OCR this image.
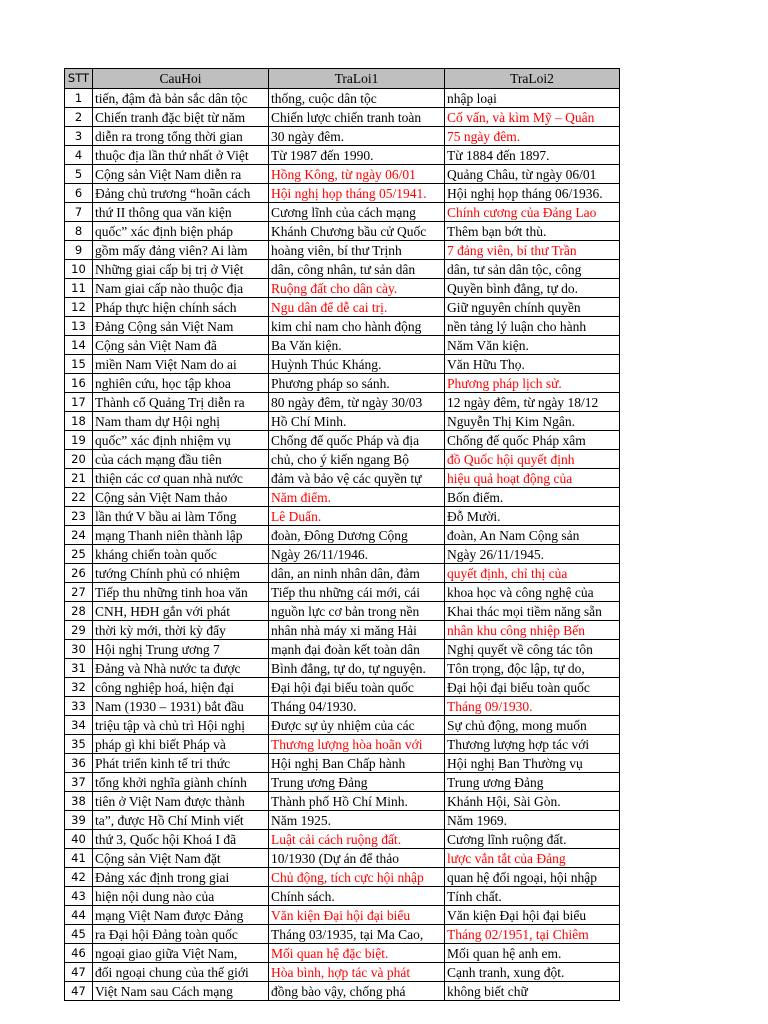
STT	CauHoi	TraLoi1	TraLoi2
1	tiến, đậm đà bản sắc dân tộc	thống, cuộc dân tộc	nhập loại
2	Chiến tranh đặc biệt từ năm	Chiến lược chiến tranh toàn	Cố vấn, và kìm Mỹ – Quân
3	diễn ra trong tổng thời gian	30 ngày đêm.	75 ngày đêm.
4	thuộc địa lần thứ nhất ở Việt	Từ 1987 đến 1990.	Từ 1884 đến 1897.
5	Cộng sản Việt Nam diễn ra	Hồng Kông, từ ngày 06/01	Quảng Châu, từ ngày 06/01
6	Đảng chủ trương “hoãn cách	Hội nghị họp tháng 05/1941.	Hội nghị họp tháng 06/1936.
7	thứ II thông qua văn kiện	Cương lĩnh của cách mạng	Chính cương của Đảng Lao
8	quốc” xác định biện pháp	Khánh Chương bầu cử Quốc	Thêm bạn bớt thù.
9	gồm mấy đảng viên? Ai làm	hoàng viên, bí thư Trịnh	7 đảng viên, bí thư Trần
10	Những giai cấp bị trị ở Việt	dân, công nhân, tư sản dân	dân, tư sản dân tộc, công
11	Nam giai cấp nào thuộc địa	Ruộng đất cho dân cày.	Quyền bình đẳng, tự do.
12	Pháp thực hiện chính sách	Ngu dân để dễ cai trị.	Giữ nguyên chính quyền
13	Đảng Cộng sản Việt Nam	kim chỉ nam cho hành động	nền tảng lý luận cho hành
14	Cộng sản Việt Nam đã	Ba Văn kiện.	Năm Văn kiện.
15	miền Nam Việt Nam do ai	Huỳnh Thúc Kháng.	Văn Hữu Thọ.
16	nghiên cứu, học tập khoa	Phương pháp so sánh.	Phương pháp lịch sử.
17	Thành cổ Quảng Trị diễn ra	80 ngày đêm, từ ngày 30/03	12 ngày đêm, từ ngày 18/12
18	Nam tham dự Hội nghị	Hồ Chí Minh.	Nguyễn Thị Kim Ngân.
19	quốc” xác định nhiệm vụ	Chống đế quốc Pháp và địa	Chống đế quốc Pháp xâm
20	của cách mạng đầu tiên	chủ, cho ý kiến ngang Bộ	đồ Quốc hội quyết định
21	thiện các cơ quan nhà nước	đảm và bảo vệ các quyền tự	hiệu quả hoạt động của
22	Cộng sản Việt Nam thảo	Năm điểm.	Bốn điểm.
23	lần thứ V bầu ai làm Tổng	Lê Duẩn.	Đỗ Mười.
24	mạng Thanh niên thành lập	đoàn, Đông Dương Cộng	đoàn, An Nam Cộng sản
25	kháng chiến toàn quốc	Ngày 26/11/1946.	Ngày 26/11/1945.
26	tướng Chính phủ có nhiệm	dân, an ninh nhân dân, đảm	quyết định, chỉ thị của
27	Tiếp thu những tinh hoa văn	Tiếp thu những cái mới, cái	khoa học và công nghệ của
28	CNH, HĐH gắn với phát	nguồn lực cơ bản trong nền	Khai thác mọi tiềm năng sẵn
29	thời kỳ mới, thời kỳ đẩy	nhân nhà máy xi măng Hải	nhân khu công nhiệp Bến
30	Hội nghị Trung ương 7	mạnh đại đoàn kết toàn dân	Nghị quyết về công tác tôn
31	Đảng và Nhà nước ta được	Bình đẳng, tự do, tự nguyện.	Tôn trọng, độc lập, tự do,
32	công nghiệp hoá, hiện đại	Đại hội đại biểu toàn quốc	Đại hội đại biểu toàn quốc
33	Nam (1930 – 1931) bắt đầu	Tháng 04/1930.	Tháng 09/1930.
34	triệu tập và chủ trì Hội nghị	Được sự ủy nhiệm của các	Sự chủ động, mong muốn
35	pháp gì khi biết Pháp và	Thương lượng hòa hoãn với	Thương lượng hợp tác với
36	Phát triển kinh tế tri thức	Hội nghị Ban Chấp hành	Hội nghị Ban Thường vụ
37	tổng khởi nghĩa giành chính	Trung ương Đảng	Trung ương Đảng
38	tiên ở Việt Nam được thành	Thành phố Hồ Chí Minh.	Khánh Hội, Sài Gòn.
39	ta”, được Hồ Chí Minh viết	Năm 1925.	Năm 1969.
40	thứ 3, Quốc hội Khoá I đã	Luật cải cách ruộng đất.	Cương lĩnh ruộng đất.
41	Cộng sản Việt Nam đặt	10/1930 (Dự án để thảo	lược vắn tắt của Đảng
42	Đảng xác định trong giai	Chủ động, tích cực hội nhập	quan hệ đối ngoại, hội nhập
43	hiện nội dung nào của	Chính sách.	Tính chất.
44	mạng Việt Nam được Đảng	Văn kiện Đại hội đại biểu	Văn kiện Đại hội đại biểu
45	ra Đại hội Đảng toàn quốc	Tháng 03/1935, tại Ma Cao,	Tháng 02/1951, tại Chiêm
46	ngoại giao giữa Việt Nam,	Mối quan hệ đặc biệt.	Mối quan hệ anh em.
47	đối ngoại chung của thế giới	Hòa bình, hợp tác và phát	Cạnh tranh, xung đột.
47	Việt Nam sau Cách mạng	đồng bào vậy, chống phá	không biết chữ
